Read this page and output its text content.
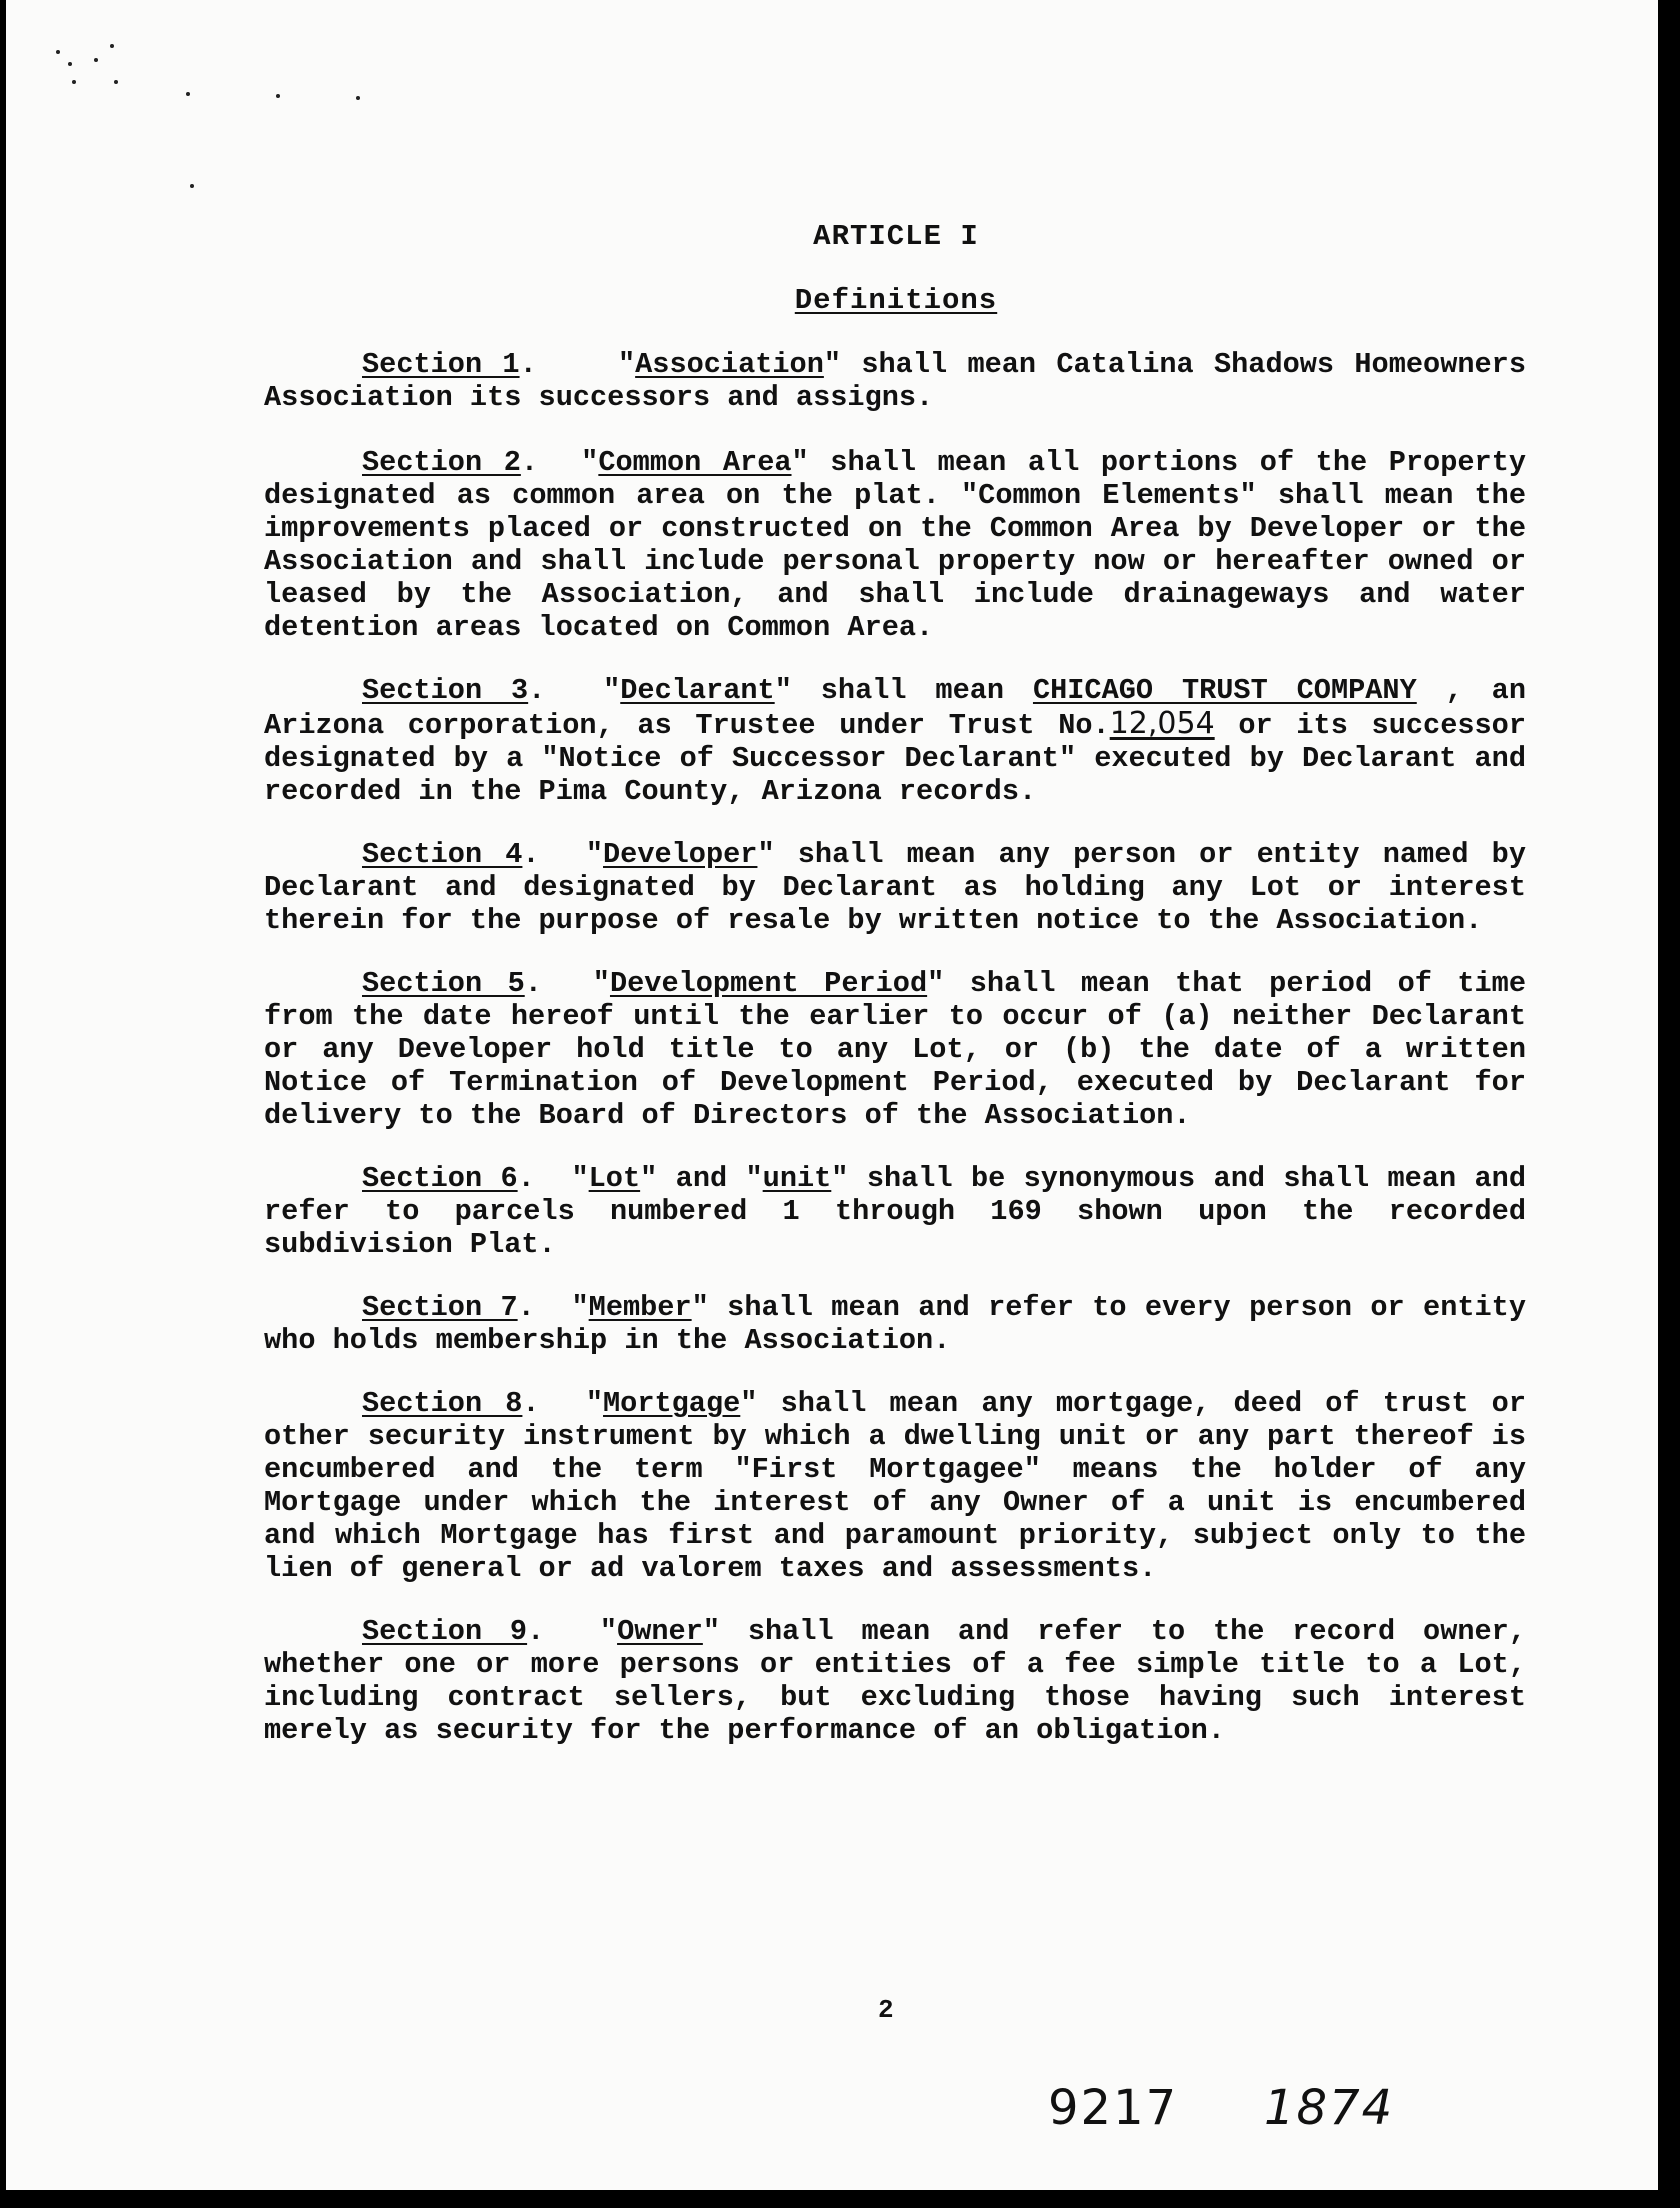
ARTICLE I
Definitions

Section 1.    "Association" shall mean Catalina Shadows Homeowners Association its successors and assigns.

Section 2.  "Common Area" shall mean all portions of the Property designated as common area on the plat. "Common Elements" shall mean the improvements placed or constructed on the Common Area by Developer or the Association and shall include personal property now or hereafter owned or leased by the Association, and shall include drainageways and water detention areas located on Common Area.

Section 3.  "Declarant" shall mean CHICAGO TRUST COMPANY , an Arizona corporation, as Trustee under Trust No.12,054 or its successor designated by a "Notice of Successor Declarant" executed by Declarant and recorded in the Pima County, Arizona records.

Section 4.  "Developer" shall mean any person or entity named by Declarant and designated by Declarant as holding any Lot or interest therein for the purpose of resale by written notice to the Association.

Section 5.  "Development Period" shall mean that period of time from the date hereof until the earlier to occur of (a) neither Declarant or any Developer hold title to any Lot, or (b) the date of a written Notice of Termination of Development Period, executed by Declarant for delivery to the Board of Directors of the Association.

Section 6.  "Lot" and "unit" shall be synonymous and shall mean and refer to parcels numbered 1 through 169 shown upon the recorded subdivision Plat.

Section 7.  "Member" shall mean and refer to every person or entity who holds membership in the Association.

Section 8.  "Mortgage" shall mean any mortgage, deed of trust or other security instrument by which a dwelling unit or any part thereof is encumbered and the term "First Mortgagee" means the holder of any Mortgage under which the interest of any Owner of a unit is encumbered and which Mortgage has first and paramount priority, subject only to the lien of general or ad valorem taxes and assessments.

Section 9.  "Owner" shall mean and refer to the record owner, whether one or more persons or entities of a fee simple title to a Lot, including contract sellers, but excluding those having such interest merely as security for the performance of an obligation.

2
9217 1874
